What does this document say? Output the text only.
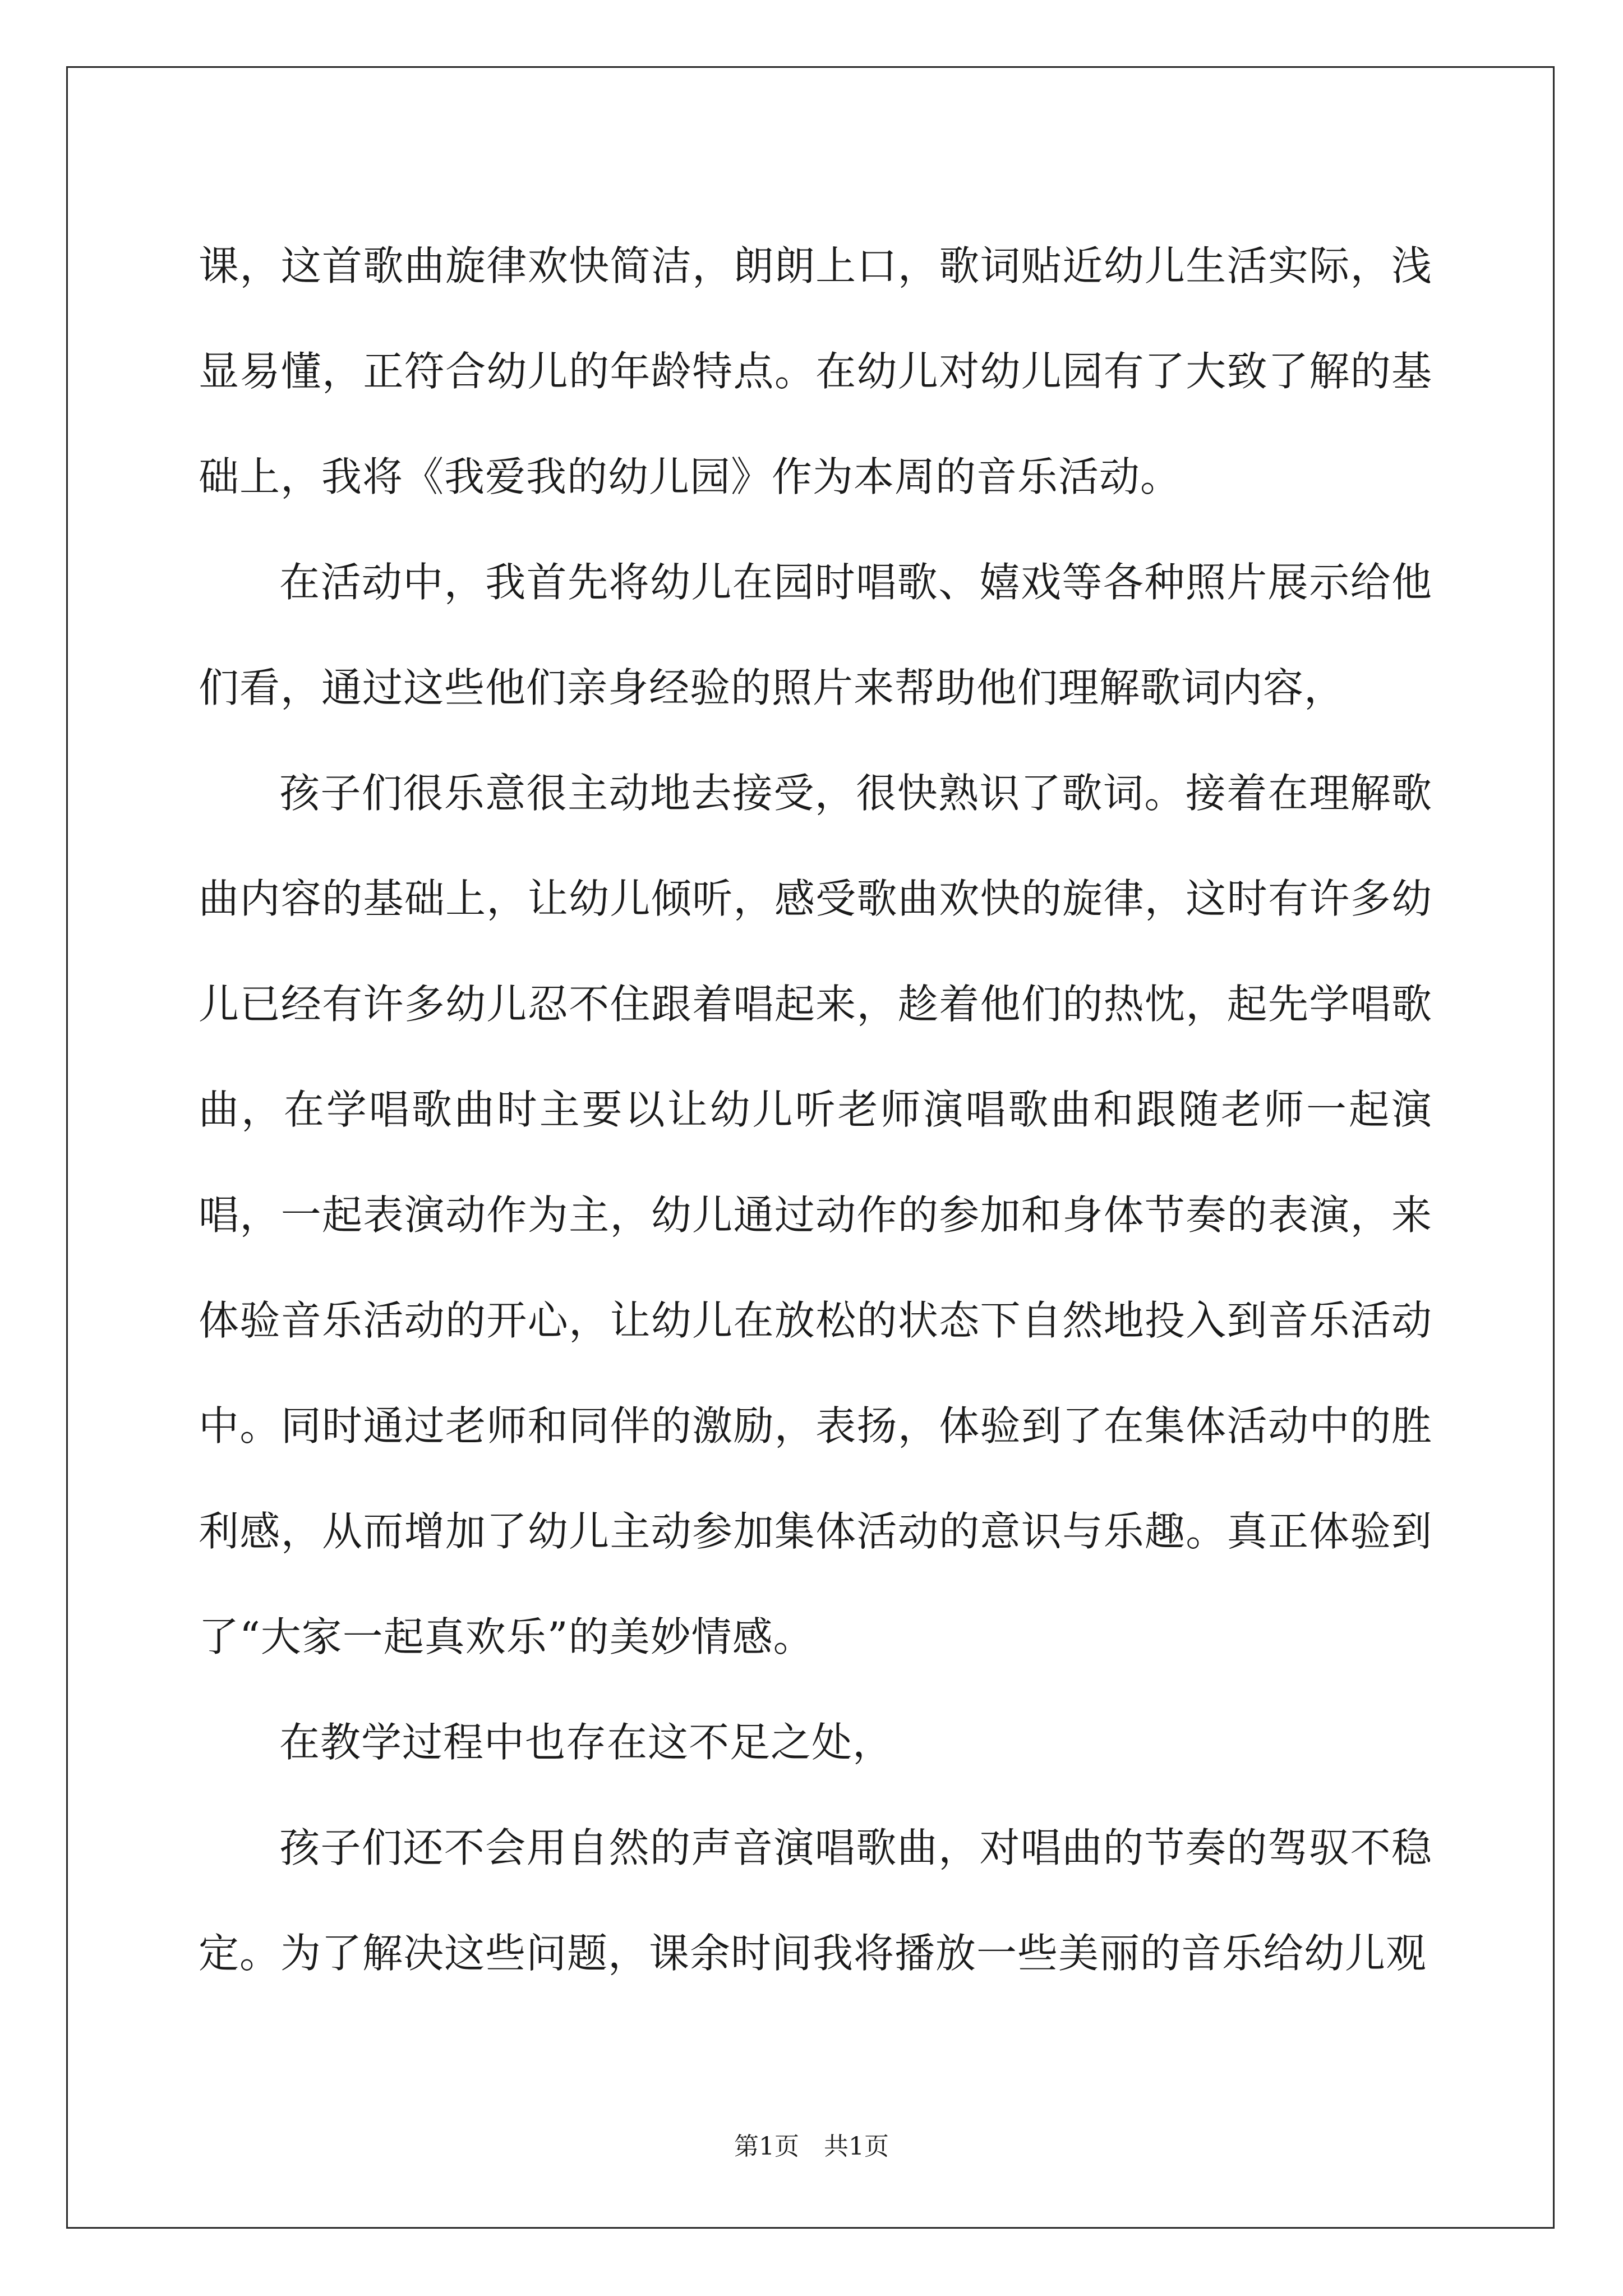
课，这首歌曲旋律欢快简洁，朗朗上口，歌词贴近幼儿生活实际，浅显易懂，正符合幼儿的年龄特点。在幼儿对幼儿园有了大致了解的基础上，我将《我爱我的幼儿园》作为本周的音乐活动。

在活动中，我首先将幼儿在园时唱歌、嬉戏等各种照片展示给他们看，通过这些他们亲身经验的照片来帮助他们理解歌词内容，

孩子们很乐意很主动地去接受，很快熟识了歌词。接着在理解歌曲内容的基础上，让幼儿倾听，感受歌曲欢快的旋律，这时有许多幼儿已经有许多幼儿忍不住跟着唱起来，趁着他们的热忱，起先学唱歌曲，在学唱歌曲时主要以让幼儿听老师演唱歌曲和跟随老师一起演唱，一起表演动作为主，幼儿通过动作的参加和身体节奏的表演，来体验音乐活动的开心，让幼儿在放松的状态下自然地投入到音乐活动中。同时通过老师和同伴的激励，表扬，体验到了在集体活动中的胜利感，从而增加了幼儿主动参加集体活动的意识与乐趣。真正体验到了“大家一起真欢乐”的美妙情感。

在教学过程中也存在这不足之处，

孩子们还不会用自然的声音演唱歌曲，对唱曲的节奏的驾驭不稳定。为了解决这些问题，课余时间我将播放一些美丽的音乐给幼儿观

第1页　共1页
